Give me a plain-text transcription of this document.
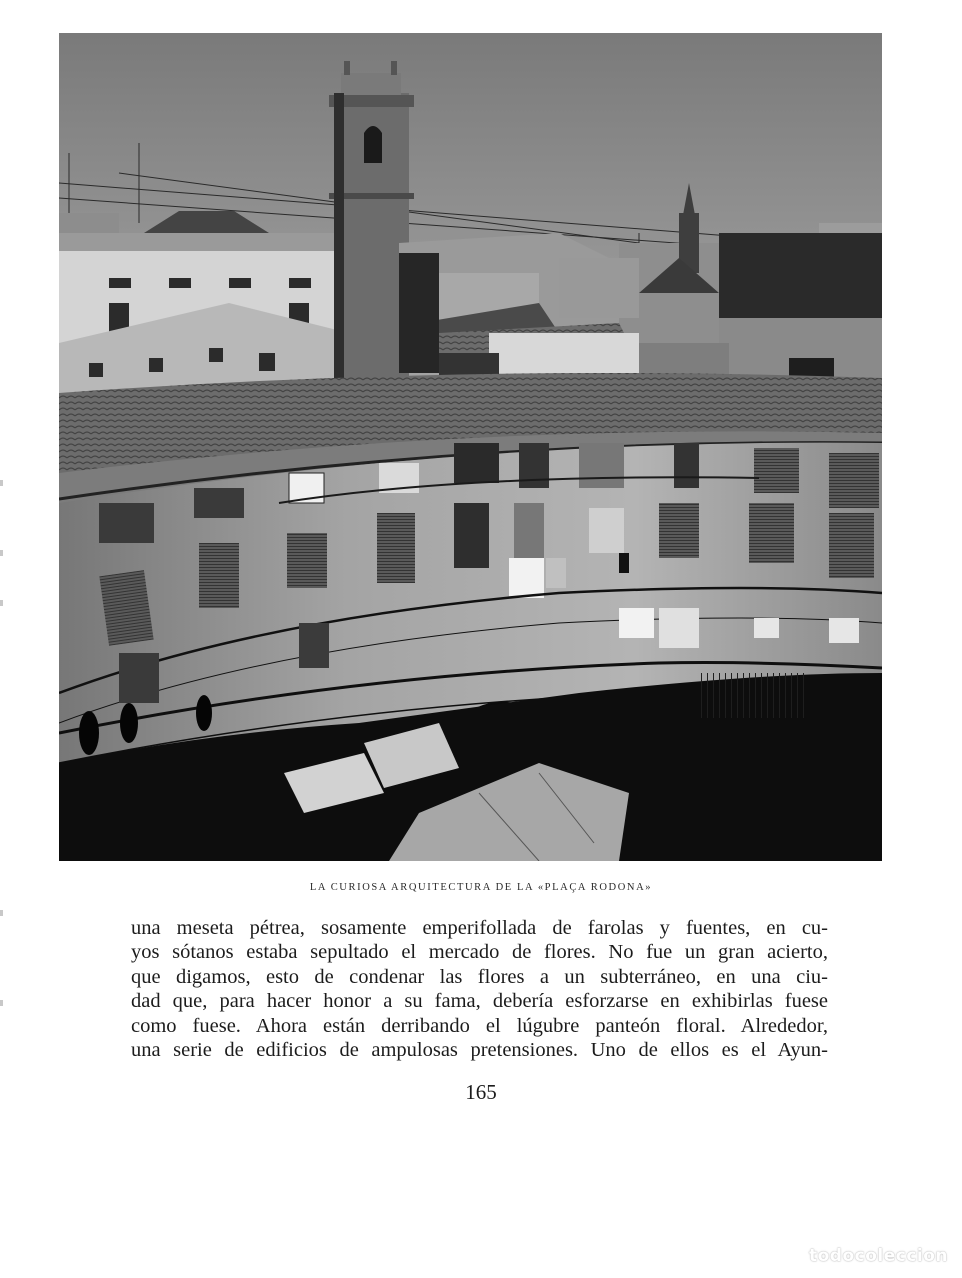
LA CURIOSA ARQUITECTURA DE LA «PLAÇA RODONA»
una meseta pétrea, sosamente emperifollada de farolas y fuentes, en cu-
yos sótanos estaba sepultado el mercado de flores. No fue un gran acierto,
que digamos, esto de condenar las flores a un subterráneo, en una ciu-
dad que, para hacer honor a su fama, debería esforzarse en exhibirlas fuese
como fuese. Ahora están derribando el lúgubre panteón floral. Alrededor,
una serie de edificios de ampulosas pretensiones. Uno de ellos es el Ayun-
165
todocoleccion
